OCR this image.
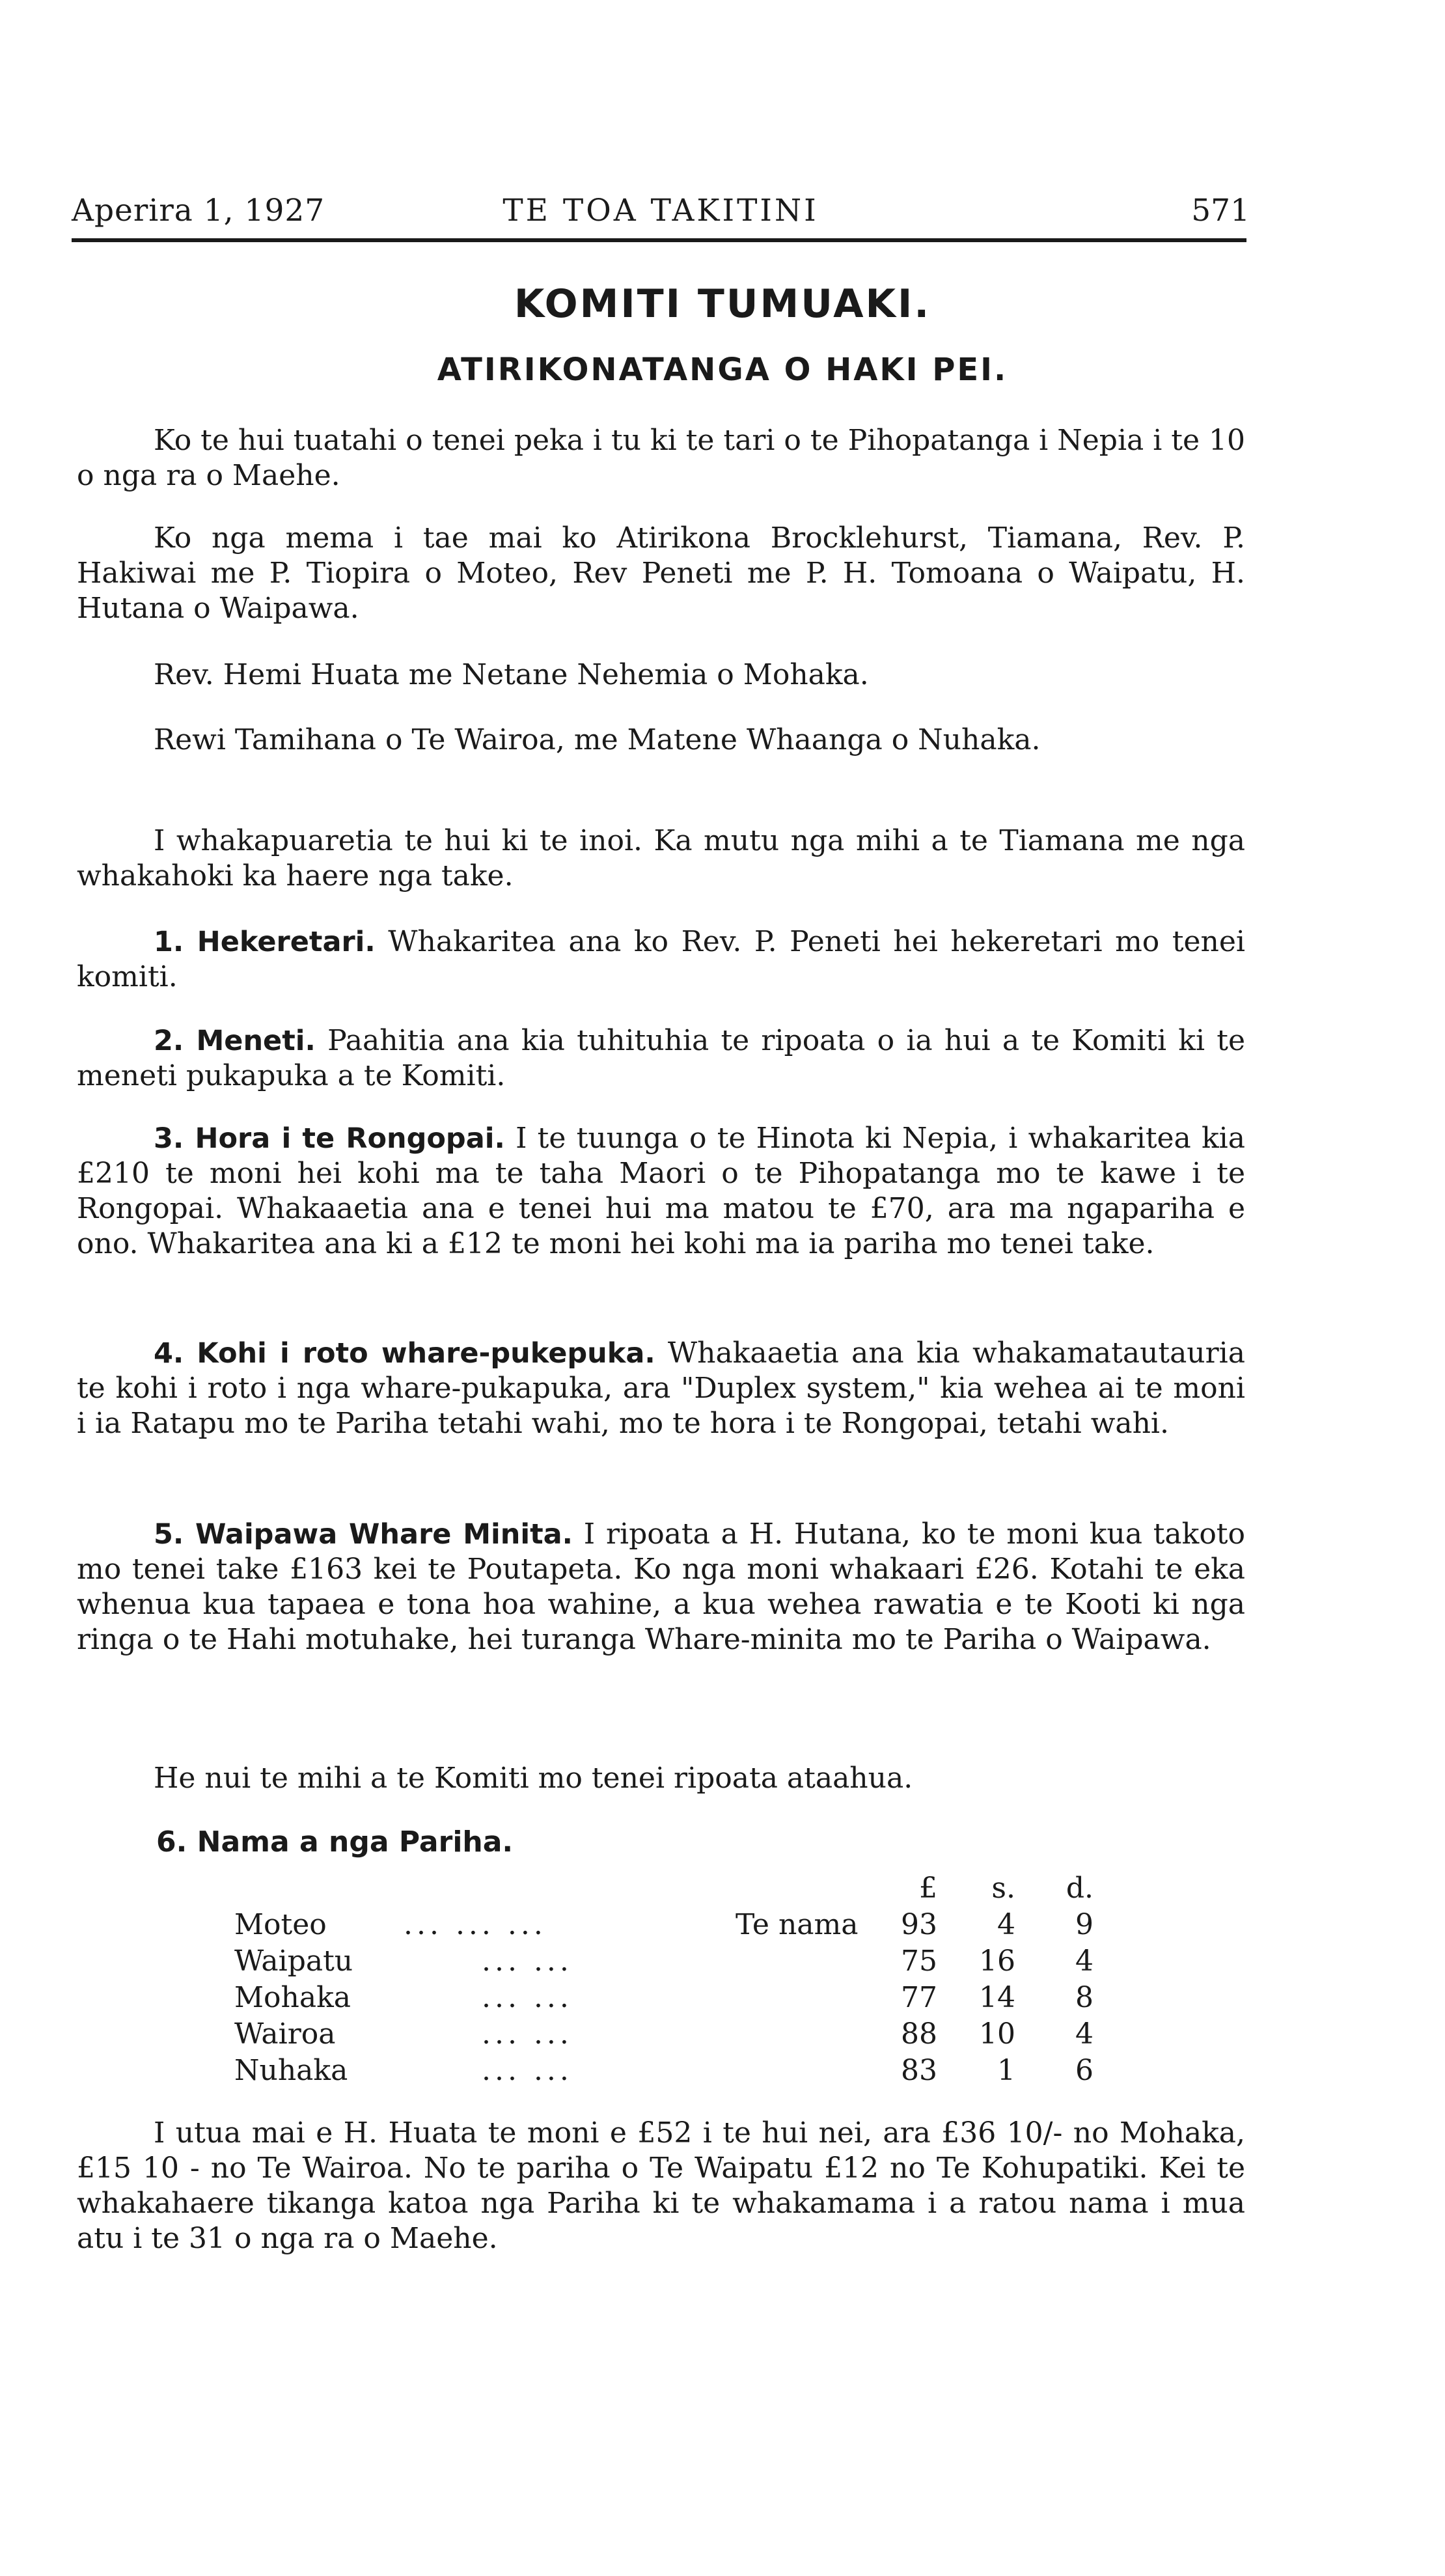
Aperira 1, 1927	TE TOA TAKITINI	571
KOMITI TUMUAKI.
ATIRIKONATANGA O HAKI PEI.

Ko te hui tuatahi o tenei peka i tu ki te tari o te Pihopatanga i Nepia i te 10 o nga ra o Maehe.

Ko nga mema i tae mai ko Atirikona Brocklehurst, Tiamana, Rev. P. Hakiwai me P. Tiopira o Moteo, Rev Peneti me P. H. Tomoana o Waipatu, H. Hutana o Waipawa.

Rev. Hemi Huata me Netane Nehemia o Mohaka.

Rewi Tamihana o Te Wairoa, me Matene Whaanga o Nuhaka.

I whakapuaretia te hui ki te inoi. Ka mutu nga mihi a te Tiamana me nga whakahoki ka haere nga take.

1. Hekeretari. Whakaritea ana ko Rev. P. Peneti hei hekeretari mo tenei komiti.

2. Meneti. Paahitia ana kia tuhituhia te ripoata o ia hui a te Komiti ki te meneti pukapuka a te Komiti.

3. Hora i te Rongopai. I te tuunga o te Hinota ki Nepia, i whakaritea kia £210 te moni hei kohi ma te taha Maori o te Pihopatanga mo te kawe i te Rongopai. Whakaaetia ana e tenei hui ma matou te £70, ara ma ngapariha e ono. Whakaritea ana ki a £12 te moni hei kohi ma ia pariha mo tenei take.

4. Kohi i roto whare-pukepuka. Whakaaetia ana kia whakamatautauria te kohi i roto i nga whare-pukapuka, ara "Duplex system," kia wehea ai te moni i ia Ratapu mo te Pariha tetahi wahi, mo te hora i te Rongopai, tetahi wahi.

5. Waipawa Whare Minita. I ripoata a H. Hutana, ko te moni kua takoto mo tenei take £163 kei te Poutapeta. Ko nga moni whakaari £26. Kotahi te eka whenua kua tapaea e tona hoa wahine, a kua wehea rawatia e te Kooti ki nga ringa o te Hahi motuhake, hei turanga Whare-minita mo te Pariha o Waipawa.

He nui te mihi a te Komiti mo tenei ripoata ataahua.

6. Nama a nga Pariha.
£ s. d.
Moteo	... ... ...	Te nama 93 4 9
Waipatu	... ...	75 16 4
Mohaka	... ...	77 14 8
Wairoa	... ...	88 10 4
Nuhaka	... ...	83 1 6

I utua mai e H. Huata te moni e £52 i te hui nei, ara £36 10/- no Mohaka, £15 10 - no Te Wairoa. No te pariha o Te Waipatu £12 no Te Kohupatiki. Kei te whakahaere tikanga katoa nga Pariha ki te whakamama i a ratou nama i mua atu i te 31 o nga ra o Maehe.
